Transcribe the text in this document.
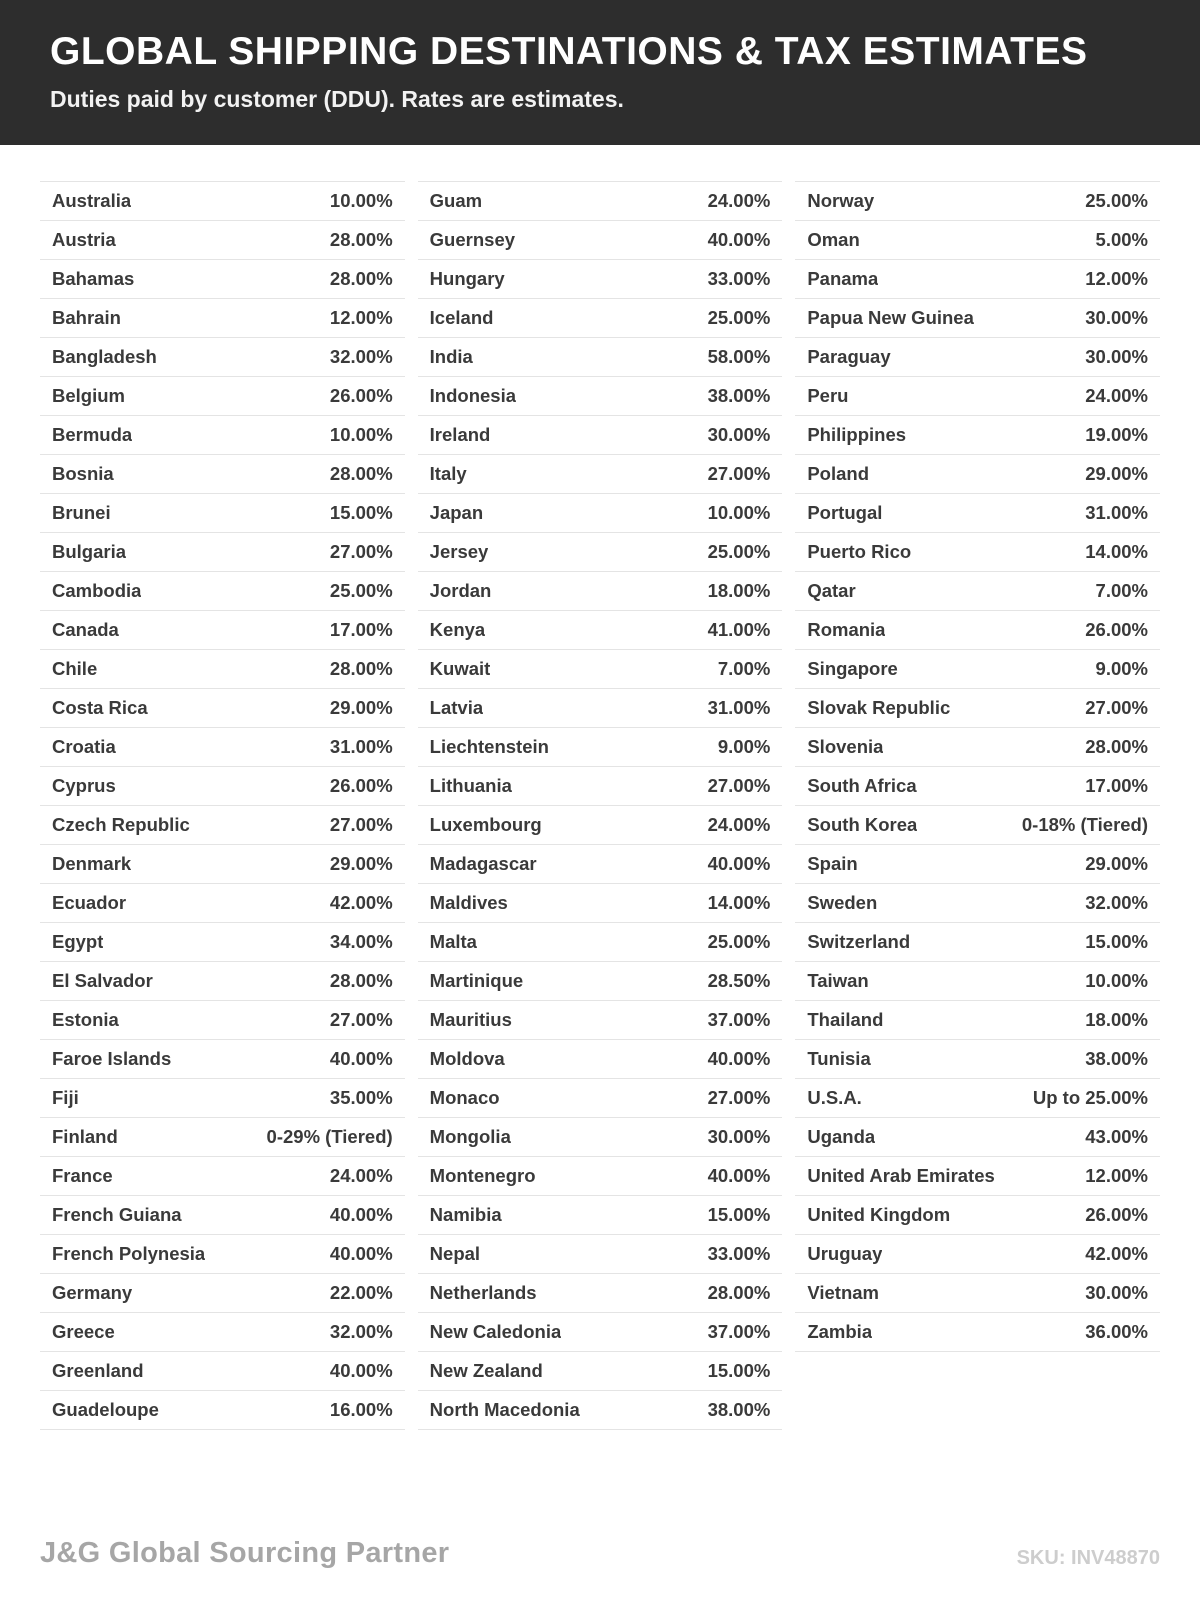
GLOBAL SHIPPING DESTINATIONS & TAX ESTIMATES

Duties paid by customer (DDU). Rates are estimates.

Australia	10.00%
Austria	28.00%
Bahamas	28.00%
Bahrain	12.00%
Bangladesh	32.00%
Belgium	26.00%
Bermuda	10.00%
Bosnia	28.00%
Brunei	15.00%
Bulgaria	27.00%
Cambodia	25.00%
Canada	17.00%
Chile	28.00%
Costa Rica	29.00%
Croatia	31.00%
Cyprus	26.00%
Czech Republic	27.00%
Denmark	29.00%
Ecuador	42.00%
Egypt	34.00%
El Salvador	28.00%
Estonia	27.00%
Faroe Islands	40.00%
Fiji	35.00%
Finland	0-29% (Tiered)
France	24.00%
French Guiana	40.00%
French Polynesia	40.00%
Germany	22.00%
Greece	32.00%
Greenland	40.00%
Guadeloupe	16.00%
Guam	24.00%
Guernsey	40.00%
Hungary	33.00%
Iceland	25.00%
India	58.00%
Indonesia	38.00%
Ireland	30.00%
Italy	27.00%
Japan	10.00%
Jersey	25.00%
Jordan	18.00%
Kenya	41.00%
Kuwait	7.00%
Latvia	31.00%
Liechtenstein	9.00%
Lithuania	27.00%
Luxembourg	24.00%
Madagascar	40.00%
Maldives	14.00%
Malta	25.00%
Martinique	28.50%
Mauritius	37.00%
Moldova	40.00%
Monaco	27.00%
Mongolia	30.00%
Montenegro	40.00%
Namibia	15.00%
Nepal	33.00%
Netherlands	28.00%
New Caledonia	37.00%
New Zealand	15.00%
North Macedonia	38.00%
Norway	25.00%
Oman	5.00%
Panama	12.00%
Papua New Guinea	30.00%
Paraguay	30.00%
Peru	24.00%
Philippines	19.00%
Poland	29.00%
Portugal	31.00%
Puerto Rico	14.00%
Qatar	7.00%
Romania	26.00%
Singapore	9.00%
Slovak Republic	27.00%
Slovenia	28.00%
South Africa	17.00%
South Korea	0-18% (Tiered)
Spain	29.00%
Sweden	32.00%
Switzerland	15.00%
Taiwan	10.00%
Thailand	18.00%
Tunisia	38.00%
U.S.A.	Up to 25.00%
Uganda	43.00%
United Arab Emirates	12.00%
United Kingdom	26.00%
Uruguay	42.00%
Vietnam	30.00%
Zambia	36.00%
J&G Global Sourcing Partner	SKU: INV48870
